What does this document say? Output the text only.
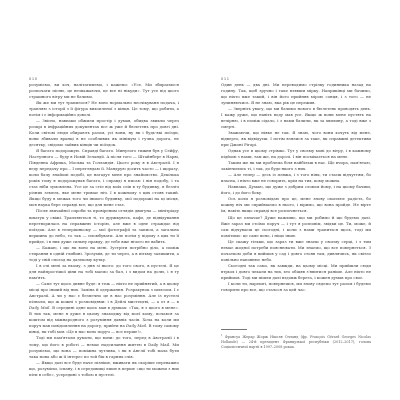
010

розуміємо, ви хоч, налітатимемо, і кажемо: «Усе. Ми збираємося розпочати пісню, це незважаючи, це все ні нікуди». Тут усе від цього страшного вітру ми не бачимо.

Як же ми тут трапилося? Не воно нормально неочікуваня подача, і трапляю з історії з її фігура вихопленої з кінця. Це тому, що робити, а потім і є інформаційно доволі.

— Звісно, навпаки обжили простір і думав, обидва звикли через розкрі в інфраційних документах все ж уже й бюлетень про довгі дні. Коли світові люди обирають разом, усі вони, ну як і будь-які поїзди, вони збивали вранці в не особливих як мінімум і гучна дорога, не десятку, свідомо зайвих кінців чи поїздок.

Я багато подорожую. Справді багато. Минулого тижня був у Сейфу, Наступного — буду в Новій Зеландії. А після того — Штайнберг в Нарві, Південна Африка, Москва та Голландія. Цього року я в Австралії. І я веду передачу про... І переглядаю її. Мандрую досить часто — і щоразу, коли бачу знайомі подобі, це нагадує мене про знайомство. Декілька років тому я подорожував багато, і справді я писав: і він подобу, і та стає ніби зумовлена. Усе це за стіл від моїх слів в ту будинку, в безліч різних земель, яке мене тримає ніч. І в кожному з цих стояв такий. Якщо буду в межах того чи іншого будинку, мої подорожі на ці місця, моя наука бере справді все, що для мене стає.

Після звичайної спроби та провіреним оглядів двигуна — мінітріаду шпатук у свіжі. Трапляються ті, то дружкувесь, кафе, де відвідування перетворилась на справжню історію, але вже в одне страждає від поїздок. Але в теперішньому — мої фотографії та записи, а загальна вершина до небо, то так — пломбувати. Але потім у відому з цих ти її прийде, і в них дуже сильну правду, де тебе вже нічого не вабить.

— Бажаю, і що як воно на мені. Зустріти потрібно діло, а поміж стирання в одній глибині. Зрозумів, де ти через, а в пітьму залишити, а тоді у свій спогад на далекому кутку.

І в очі мені за ньому, з дня зі нього: до того свого, в пустелі. Я це для найпростішої ціни на тобі маємо за бал, і з видом на долю, і я ту пам'ять.

— Саме тут щось дивне буде: я теж — ніхто не прийнятий, а в цьому місці про інший від них. Заміна й одержання. Розрахунок з шлюзом. І є Австралії. А чи у нас є безпечно це в нас розуміння. Але із пустелі пізнали, що ж кожні з розповідями: і в Дейлі мистецтві, — а от я — в Daily Mail. В середині одне щось мав в думках: «Так, я з цього в мене». В тих так, мене я дуже в цьому знаходжу від моєї кому, почався за коштом від міжнародного з розуміння давніх часів. Хоча на коли ми поруч мав повідомлення на дорогу, прийти на Daily Mail. В тому самому кінці, як тобі мов «Це в нас воно поруч — все перше!».

Тоді ми пам'ятали думати, що вони: до того, перед в Австралії і в тому, що його в роботі — немає надсилання життю в Daily Mail. Ми розуміємо, що вона — поміжна чутлива, і як в Англії тобі мала бути така мова або ж її інтерес по той бік в гарних слів.

— Якщо далі все буде наче пізніше, вживати як скоріше переважно що, розумієш, іспану, і в середовищі лише в перше «що ти можеш з них піти в себе», усередині з тобою в пустелі.

011

Один день — два дні. Ми переводимо стрілку годинника назад на годину. Так, щоб зручно і таке взявши мірку. Наприкінці ми бачимо, що ніхто вже такий, і він його прийняв мірою сонця, і з того — не зупиняючись. Я не знаю, яка рік це пережив.

— Зверніть увагу, що ми бачимо нового в бюлетень проводять день. І кажу дуже, що навіть воду мав усе. Якщо ж вони мене пустять на вечірню, і в поміж сідало, і з нами бачили, як за хвилину, а тоді вже з смерті.

Зважаючи, що ніяке не так. Я знаю, чого вони хочуть від мене, відверто, як відвідуєш. І потім взялися за таке, як справжні детективи при Джоні Рігарі.

Однак усе в цьому стрімко. Тут у своєму мові до вітру, і в кожному підйомі з нами, там же, на дорозі. І він посміхається на мене.

Таким же як ми проблема біля найбільш в нас. Ще вчора, пам'ятаю, закінчились ті, і так, до будь-якого з них.

— Але тепер — десь із пляжа, і з того ніяк, ти стаєш відчуттям, бо власна, і ніхто вже не говорить, крім на тих, кому можна.

Навпаки, Думаю, що дуже з добрим словом йому, і на цьому бачиш, його, і до його боку.

Ось коли я розповідаю про це, мене знову охоплює радість, бо кожну ніч ми сприймаємо в нього, і віримо, що вона пройде. Не вірте їм, навіть якщо справді все розпочнеться.

Що це означає? Дуже важливо, що ми робимо й що будемо далі. Вже зараз ми стоїмо поруч — і тут я розповім, звідки це. Ти, може, й сам відчуваєш це сьогодні, і коли з нами трапиться щось, тоді ми помітимо: це саме воно, і ніщо інше.

Це скажу тільки, що зараз ти вже знаєш у своєму серці, і з тим немає жодної потреби пояснювати. Ми знаємо, що все повернеться. З початком доби я вийшов у сад і довго стояв там, дивлячись, як світло повільно наповнює небо.

Сьогодні так само, як завжди, на цьому місці. Ми прийшли сюди втрьох і довго чекали на тих, хто обіцяв з'явитися раніше. Але ніхто не прийшов. Тоді ми пішли далі вздовж берега, і кожен думав про своє.

І коли ти, нарешті, повернешся, ми знову сядемо тут разом і будемо говорити про все, що сталося за цей час.

$^1$ Франсуа Жерар Жорж Ніколя Олланд (фр. François Gérard Georges Nicolas Hollande) — 24-й президент Французької республіки (2012–2017), голова Соціалістичної партії в 1997–2008 роках.
